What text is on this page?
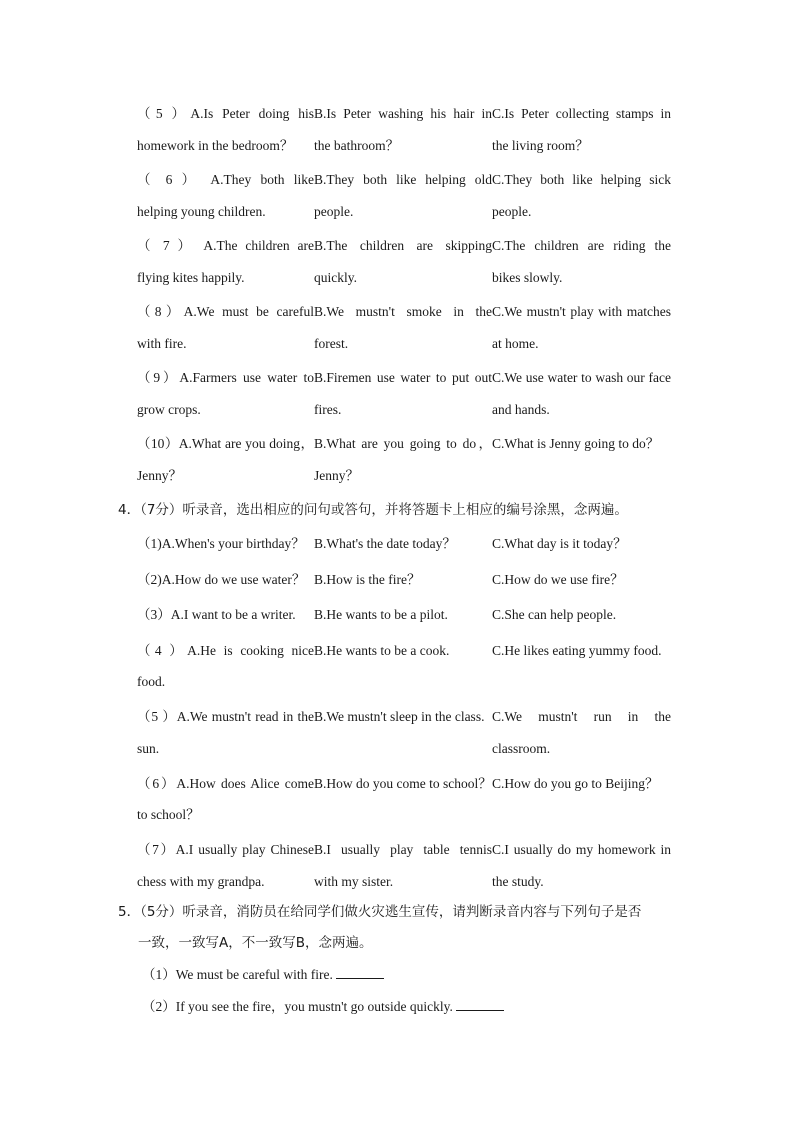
（5 ）A.Is Peter doing his homework in the bedroom？	B.Is Peter washing his hair in the bathroom？	C.Is Peter collecting stamps in the living room？
（ 6 ） A.They both like helping young children.	B.They both like helping old people.	C.They both like helping sick people.
（ 7 ） A.The children are flying kites happily.	B.The children are skipping quickly.	C.The children are riding the bikes slowly.
（8）A.We must be careful with fire.	B.We mustn't smoke in the forest.	C.We mustn't play with matches at home.
（9）A.Farmers use water to grow crops.	B.Firemen use water to put out fires.	C.We use water to wash our face and hands.
（10）A.What are you doing，Jenny？	B.What are you going to do，Jenny？	C.What is Jenny going to do？
4．（7分）听录音，选出相应的问句或答句，并将答题卡上相应的编号涂黑，念两遍。
（1)A.When's your birthday？	B.What's the date today？	C.What day is it today？
（2)A.How do we use water？	B.How is the fire？	C.How do we use fire？
（3）A.I want to be a writer.	B.He wants to be a pilot.	C.She can help people.
（4 ）A.He is cooking nice food.	B.He wants to be a cook.	C.He likes eating yummy food.
（5 ）A.We mustn't read in the sun.	B.We mustn't sleep in the class.	C.We mustn't run in the classroom.
（6）A.How does Alice come to school？	B.How do you come to school？	C.How do you go to Beijing？
（7）A.I usually play Chinese chess with my grandpa.	B.I usually play table tennis with my sister.	C.I usually do my homework in the study.
5．（5分）听录音，消防员在给同学们做火灾逃生宣传，请判断录音内容与下列句子是否
一致，一致写A，不一致写B，念两遍。
（1）We must be careful with fire.
（2）If you see the fire，you mustn't go outside quickly.
